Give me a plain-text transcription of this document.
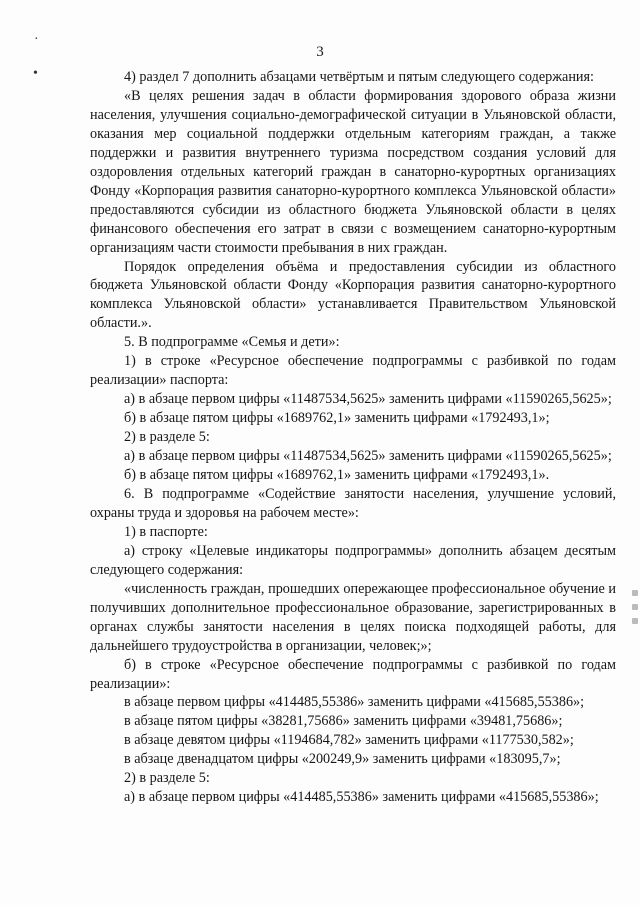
·
•
3

4) раздел 7 дополнить абзацами четвёртым и пятым следующего содержания:

«В целях решения задач в области формирования здорового образа жизни населения, улучшения социально-демографической ситуации в Ульяновской области, оказания мер социальной поддержки отдельным категориям граждан, а также поддержки и развития внутреннего туризма посредством создания условий для оздоровления отдельных категорий граждан в санаторно-курортных организациях Фонду «Корпорация развития санаторно-курортного комплекса Ульяновской области» предоставляются субсидии из областного бюджета Ульяновской области в целях финансового обеспечения его затрат в связи с возмещением санаторно-курортным организациям части стоимости пребывания в них граждан.

Порядок определения объёма и предоставления субсидии из областного бюджета Ульяновской области Фонду «Корпорация развития санаторно-курортного комплекса Ульяновской области» устанавливается Правительством Ульяновской области.».

5. В подпрограмме «Семья и дети»:

1) в строке «Ресурсное обеспечение подпрограммы с разбивкой по годам реализации» паспорта:

а) в абзаце первом цифры «11487534,5625» заменить цифрами «11590265,5625»;

б) в абзаце пятом цифры «1689762,1» заменить цифрами «1792493,1»;

2) в разделе 5:

а) в абзаце первом цифры «11487534,5625» заменить цифрами «11590265,5625»;

б) в абзаце пятом цифры «1689762,1» заменить цифрами «1792493,1».

6. В подпрограмме «Содействие занятости населения, улучшение условий, охраны труда и здоровья на рабочем месте»:

1) в паспорте:

а) строку «Целевые индикаторы подпрограммы» дополнить абзацем десятым следующего содержания:

«численность граждан, прошедших опережающее профессиональное обучение и получивших дополнительное профессиональное образование, зарегистрированных в органах службы занятости населения в целях поиска подходящей работы, для дальнейшего трудоустройства в организации, человек;»;

б) в строке «Ресурсное обеспечение подпрограммы с разбивкой по годам реализации»:

в абзаце первом цифры «414485,55386» заменить цифрами «415685,55386»;

в абзаце пятом цифры «38281,75686» заменить цифрами «39481,75686»;

в абзаце девятом цифры «1194684,782» заменить цифрами «1177530,582»;

в абзаце двенадцатом цифры «200249,9» заменить цифрами «183095,7»;

2) в разделе 5:

а) в абзаце первом цифры «414485,55386» заменить цифрами «415685,55386»;
